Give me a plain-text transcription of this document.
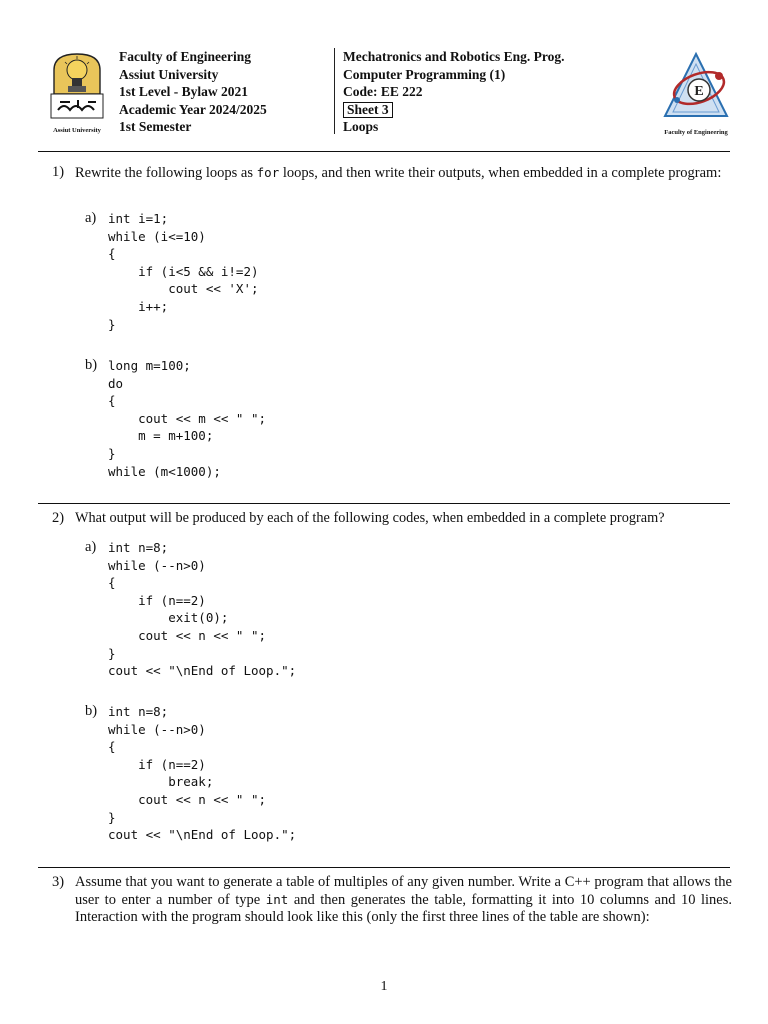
Assiut University
Faculty of Engineering
Assiut University
1st Level - Bylaw 2021
Academic Year 2024/2025
1st Semester
Mechatronics and Robotics Eng. Prog.
Computer Programming (1)
Code: EE 222
Sheet 3
Loops
E
Faculty of Engineering
1) Rewrite the following loops as for loops, and then write their outputs, when embedded in a complete program:
a) int i=1;
while (i<=10)
{
if (i<5 && i!=2)
cout << 'X';
i++;
}
b) long m=100;
do
{
cout << m << " ";
m = m+100;
}
while (m<1000);
2) What output will be produced by each of the following codes, when embedded in a complete program?
a) int n=8;
while (--n>0)
{
if (n==2)
exit(0);
cout << n << " ";
}
cout << "\nEnd of Loop.";
b) int n=8;
while (--n>0)
{
if (n==2)
break;
cout << n << " ";
}
cout << "\nEnd of Loop.";
3) Assume that you want to generate a table of multiples of any given number. Write a C++ program that allows the user to enter a number of type int and then generates the table, formatting it into 10 columns and 10 lines. Interaction with the program should look like this (only the first three lines of the table are shown):
1
